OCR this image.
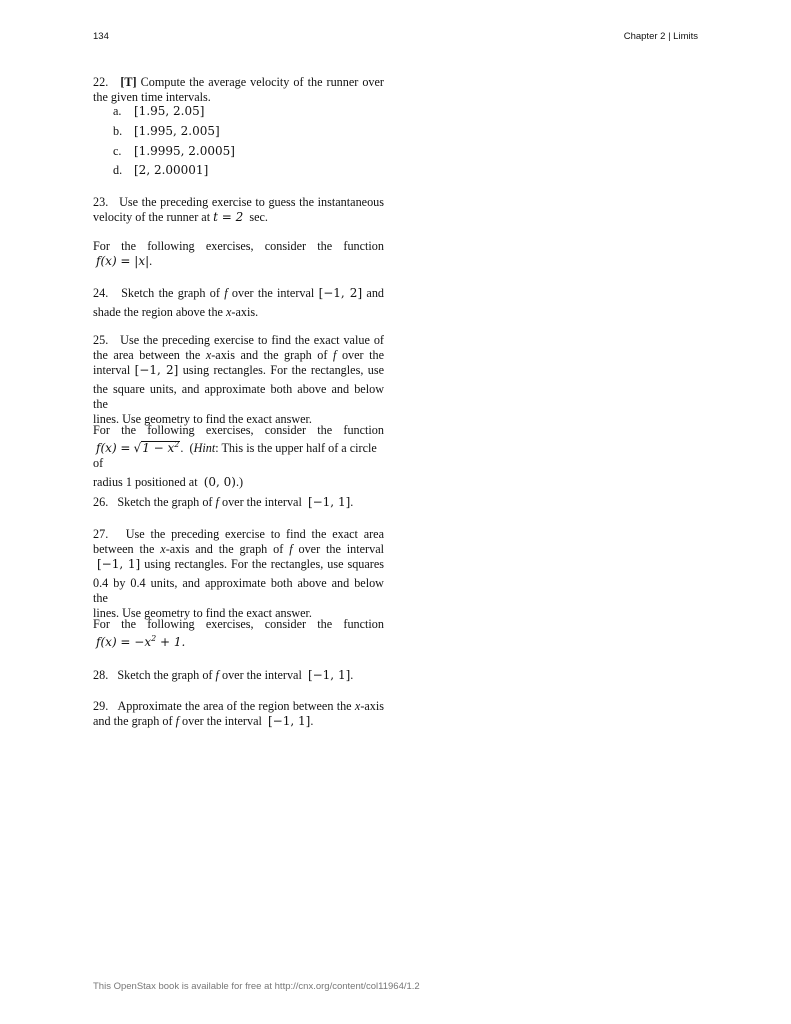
134	Chapter 2 | Limits
22. [T] Compute the average velocity of the runner over
the given time intervals.
a. [1.95, 2.05]
b. [1.995, 2.005]
c. [1.9995, 2.0005]
d. [2, 2.00001]
23. Use the preceding exercise to guess the instantaneous
velocity of the runner at t = 2 sec.
For the following exercises, consider the function
f(x) = |x|.
24. Sketch the graph of f over the interval [−1, 2] and
shade the region above the x-axis.
25. Use the preceding exercise to find the exact value of
the area between the x-axis and the graph of f over the
interval [−1, 2] using rectangles. For the rectangles, use
the square units, and approximate both above and below the
lines. Use geometry to find the exact answer.
For the following exercises, consider the function
$f(x) = √1 - x^2$. (Hint: This is the upper half of a circle of
radius 1 positioned at (0, 0).)
26. Sketch the graph of f over the interval [−1, 1].
27. Use the preceding exercise to find the exact area
between the x-axis and the graph of f over the interval
[−1, 1] using rectangles. For the rectangles, use squares
0.4 by 0.4 units, and approximate both above and below the
lines. Use geometry to find the exact answer.
For the following exercises, consider the function
$f(x) = -x^2 + 1$.
28. Sketch the graph of f over the interval [−1, 1].
29. Approximate the area of the region between the x-axis
and the graph of f over the interval [−1, 1].
This OpenStax book is available for free at http://cnx.org/content/col11964/1.2
